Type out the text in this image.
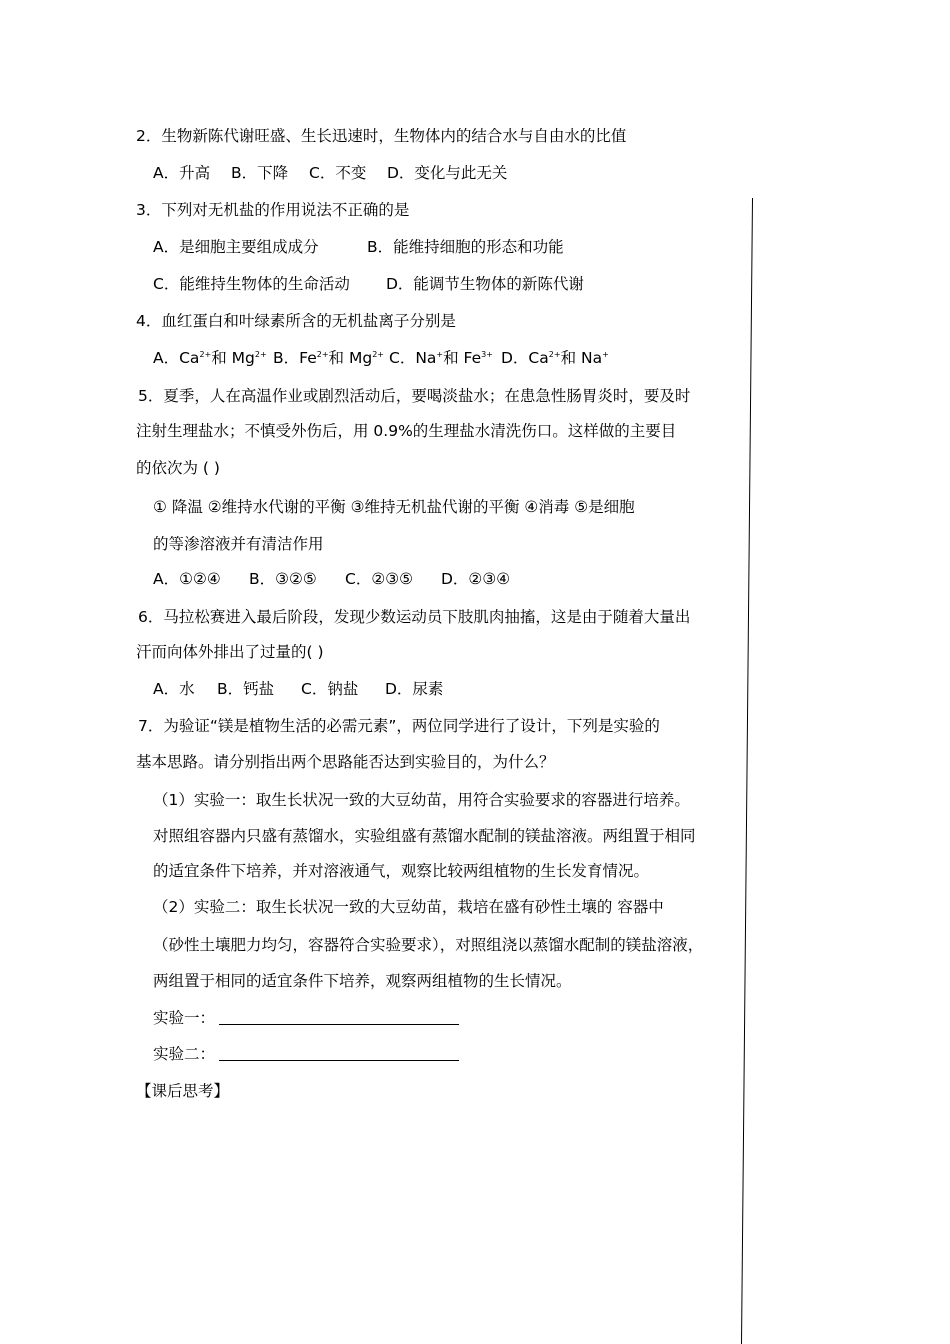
2．生物新陈代谢旺盛、生长迅速时，生物体内的结合水与自由水的比值
A．升高 B．下降 C．不变 D．变化与此无关
3．下列对无机盐的作用说法不正确的是
A．是细胞主要组成成分	B．能维持细胞的形态和功能
C．能维持生物体的生命活动 D．能调节生物体的新陈代谢
4．血红蛋白和叶绿素所含的无机盐离子分别是
A．$Ca^{2+}$和 $Mg^{2+}$ B．$Fe^{2+}$和 $Mg^{2+}$ C．Na+和 $Fe^{3+}$ D．$Ca^{2+}$和 Na+
5．夏季，人在高温作业或剧烈活动后，要喝淡盐水；在患急性肠胃炎时，要及时
注射生理盐水；不慎受外伤后，用 0.9%的生理盐水清洗伤口。这样做的主要目
的依次为 ( )
① 降温 ②维持水代谢的平衡 ③维持无机盐代谢的平衡 ④消毒 ⑤是细胞
的等渗溶液并有清洁作用
A．①②④ B．③②⑤ C．②③⑤ D．②③④
6．马拉松赛进入最后阶段，发现少数运动员下肢肌肉抽搐，这是由于随着大量出
汗而向体外排出了过量的( )
A．水 B．钙盐 C．钠盐 D．尿素
7．为验证“镁是植物生活的必需元素”，两位同学进行了设计，下列是实验的
基本思路。请分别指出两个思路能否达到实验目的，为什么？
（1）实验一：取生长状况一致的大豆幼苗，用符合实验要求的容器进行培养。
对照组容器内只盛有蒸馏水，实验组盛有蒸馏水配制的镁盐溶液。两组置于相同
的适宜条件下培养，并对溶液通气，观察比较两组植物的生长发育情况。
（2）实验二：取生长状况一致的大豆幼苗，栽培在盛有砂性土壤的 容器中
（砂性土壤肥力均匀，容器符合实验要求），对照组浇以蒸馏水配制的镁盐溶液，
两组置于相同的适宜条件下培养，观察两组植物的生长情况。
实验一：
实验二：
【课后思考】
